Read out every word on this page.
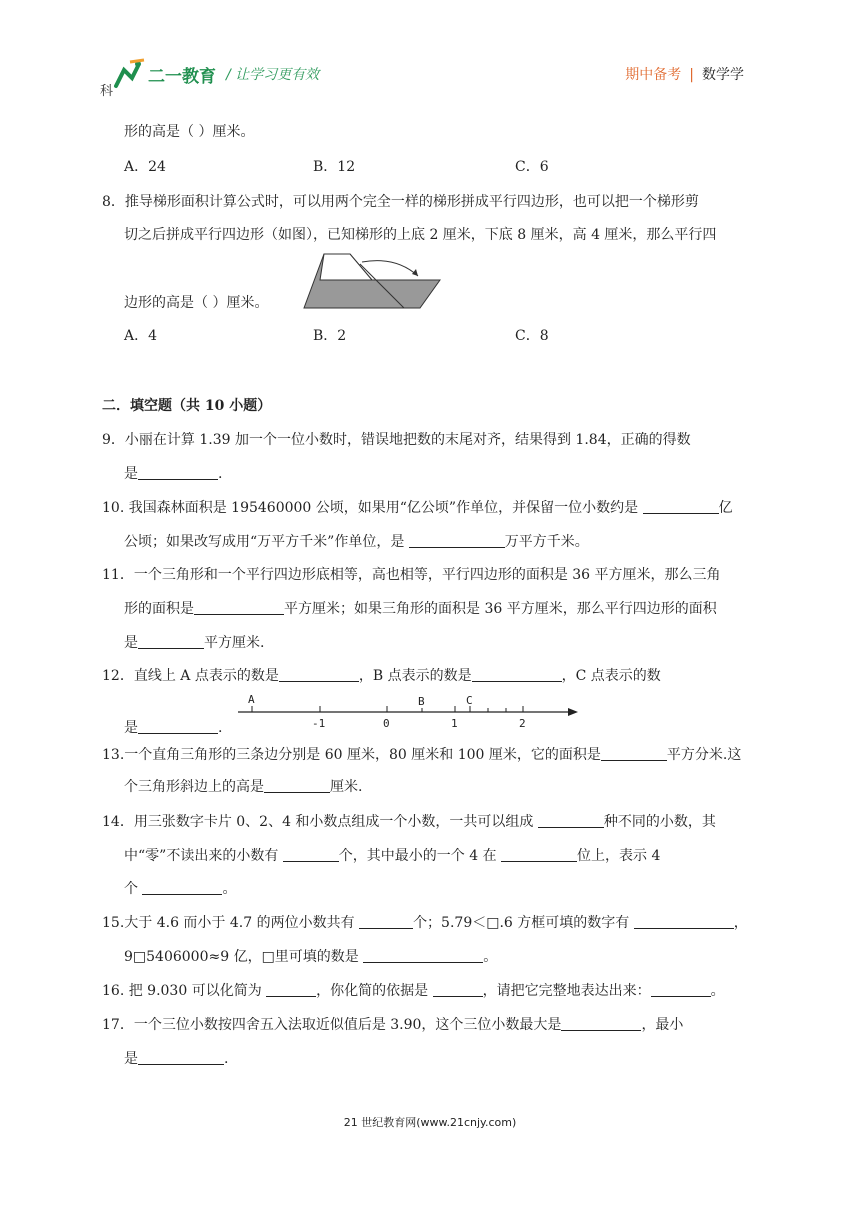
二一教育
科
/ 让学习更有效	期中备考 | 数学学
形的高是（ ）厘米。
A．24	B．12	C．6
8．推导梯形面积计算公式时，可以用两个完全一样的梯形拼成平行四边形，也可以把一个梯形剪
切之后拼成平行四边形（如图），已知梯形的上底 2 厘米，下底 8 厘米，高 4 厘米，那么平行四
边形的高是（ ）厘米。
A．4	B．2	C．8
二．填空题（共 10 小题）
9．小丽在计算 1.39 加一个一位小数时，错误地把数的末尾对齐，结果得到 1.84，正确的得数
是	.
10. 我国森林面积是 195460000 公顷，如果用“亿公顷”作单位，并保留一位小数约是	亿
公顷；如果改写成用“万平方千米”作单位，是	万平方千米。
11．一个三角形和一个平行四边形底相等，高也相等，平行四边形的面积是 36 平方厘米，那么三角
形的面积是	平方厘米；如果三角形的面积是 36 平方厘米，那么平行四边形的面积
是	平方厘米.
12．直线上 A 点表示的数是	，B 点表示的数是	，C 点表示的数
是	.
A	B	C
-1	0	1	2
13.一个直角三角形的三条边分别是 60 厘米，80 厘米和 100 厘米，它的面积是	平方分米.这
个三角形斜边上的高是	厘米.
14．用三张数字卡片 0、2、4 和小数点组成一个小数，一共可以组成	种不同的小数，其
中“零”不读出来的小数有	个，其中最小的一个 4 在	位上，表示 4
个	。
15.大于 4.6 而小于 4.7 的两位小数共有	个；5.79＜□.6 方框可填的数字有	，
9□5406000≈9 亿，□里可填的数是	。
16. 把 9.030 可以化简为	，你化简的依据是	，请把它完整地表达出来：	。
17．一个三位小数按四舍五入法取近似值后是 3.90，这个三位小数最大是	，最小
是	.
21 世纪教育网(www.21cnjy.com)
